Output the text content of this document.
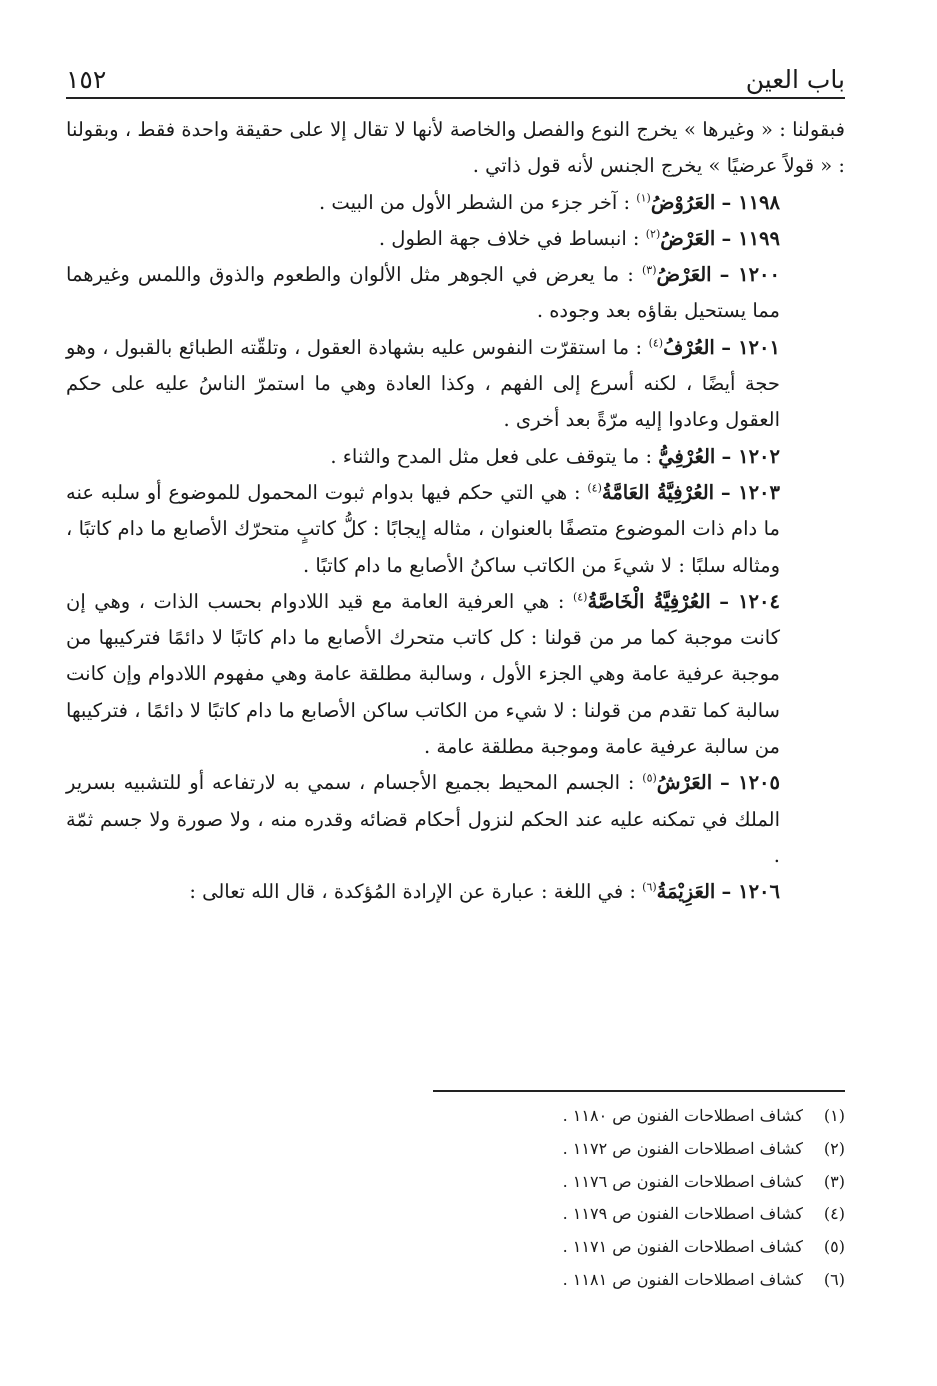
باب العين
١٥٢

فبقولنا : « وغيرها » يخرج النوع والفصل والخاصة لأنها لا تقال إلا على حقيقة واحدة فقط ، وبقولنا : « قولاً عرضيًا » يخرج الجنس لأنه قول ذاتي .

١١٩٨ – العَرُوْضُ$^{(١)}$ : آخر جزء من الشطر الأول من البيت .

١١٩٩ – العَرْضُ$^{(٢)}$ : انبساط في خلاف جهة الطول .

١٢٠٠ – العَرْضُ$^{(٣)}$ : ما يعرض في الجوهر مثل الألوان والطعوم والذوق واللمس وغيرهما مما يستحيل بقاؤه بعد وجوده .

١٢٠١ – العُرْفُ$^{(٤)}$ : ما استقرّت النفوس عليه بشهادة العقول ، وتلقّته الطبائع بالقبول ، وهو حجة أيضًا ، لكنه أسرع إلى الفهم ، وكذا العادة وهي ما استمرّ الناسُ عليه على حكم العقول وعادوا إليه مرّةً بعد أخرى .

١٢٠٢ – العُرْفِيُّ : ما يتوقف على فعل مثل المدح والثناء .

١٢٠٣ – العُرْفِيَّةُ العَامَّةُ$^{(٤)}$ : هي التي حكم فيها بدوام ثبوت المحمول للموضوع أو سلبه عنه ما دام ذات الموضوع متصفًا بالعنوان ، مثاله إيجابًا : كلُّ كاتبٍ متحرّك الأصابع ما دام كاتبًا ، ومثاله سلبًا : لا شيءَ من الكاتب ساكنُ الأصابع ما دام كاتبًا .

١٢٠٤ – العُرْفِيَّةُ الْخَاصَّةُ$^{(٤)}$ : هي العرفية العامة مع قيد اللادوام بحسب الذات ، وهي إن كانت موجبة كما مر من قولنا : كل كاتب متحرك الأصابع ما دام كاتبًا لا دائمًا فتركيبها من موجبة عرفية عامة وهي الجزء الأول ، وسالبة مطلقة عامة وهي مفهوم اللادوام وإن كانت سالبة كما تقدم من قولنا : لا شيء من الكاتب ساكن الأصابع ما دام كاتبًا لا دائمًا ، فتركيبها من سالبة عرفية عامة وموجبة مطلقة عامة .

١٢٠٥ – العَرْشُ$^{(٥)}$ : الجسم المحيط بجميع الأجسام ، سمي به لارتفاعه أو للتشبيه بسرير الملك في تمكنه عليه عند الحكم لنزول أحكام قضائه وقدره منه ، ولا صورة ولا جسم ثمّة .

١٢٠٦ – العَزِيْمَةُ$^{(٦)}$ : في اللغة : عبارة عن الإرادة المُؤكدة ، قال الله تعالى :

(١)
كشاف اصطلاحات الفنون ص ١١٨٠ .
(٢)
كشاف اصطلاحات الفنون ص ١١٧٢ .
(٣)
كشاف اصطلاحات الفنون ص ١١٧٦ .
(٤)
كشاف اصطلاحات الفنون ص ١١٧٩ .
(٥)
كشاف اصطلاحات الفنون ص ١١٧١ .
(٦)
كشاف اصطلاحات الفنون ص ١١٨١ .
